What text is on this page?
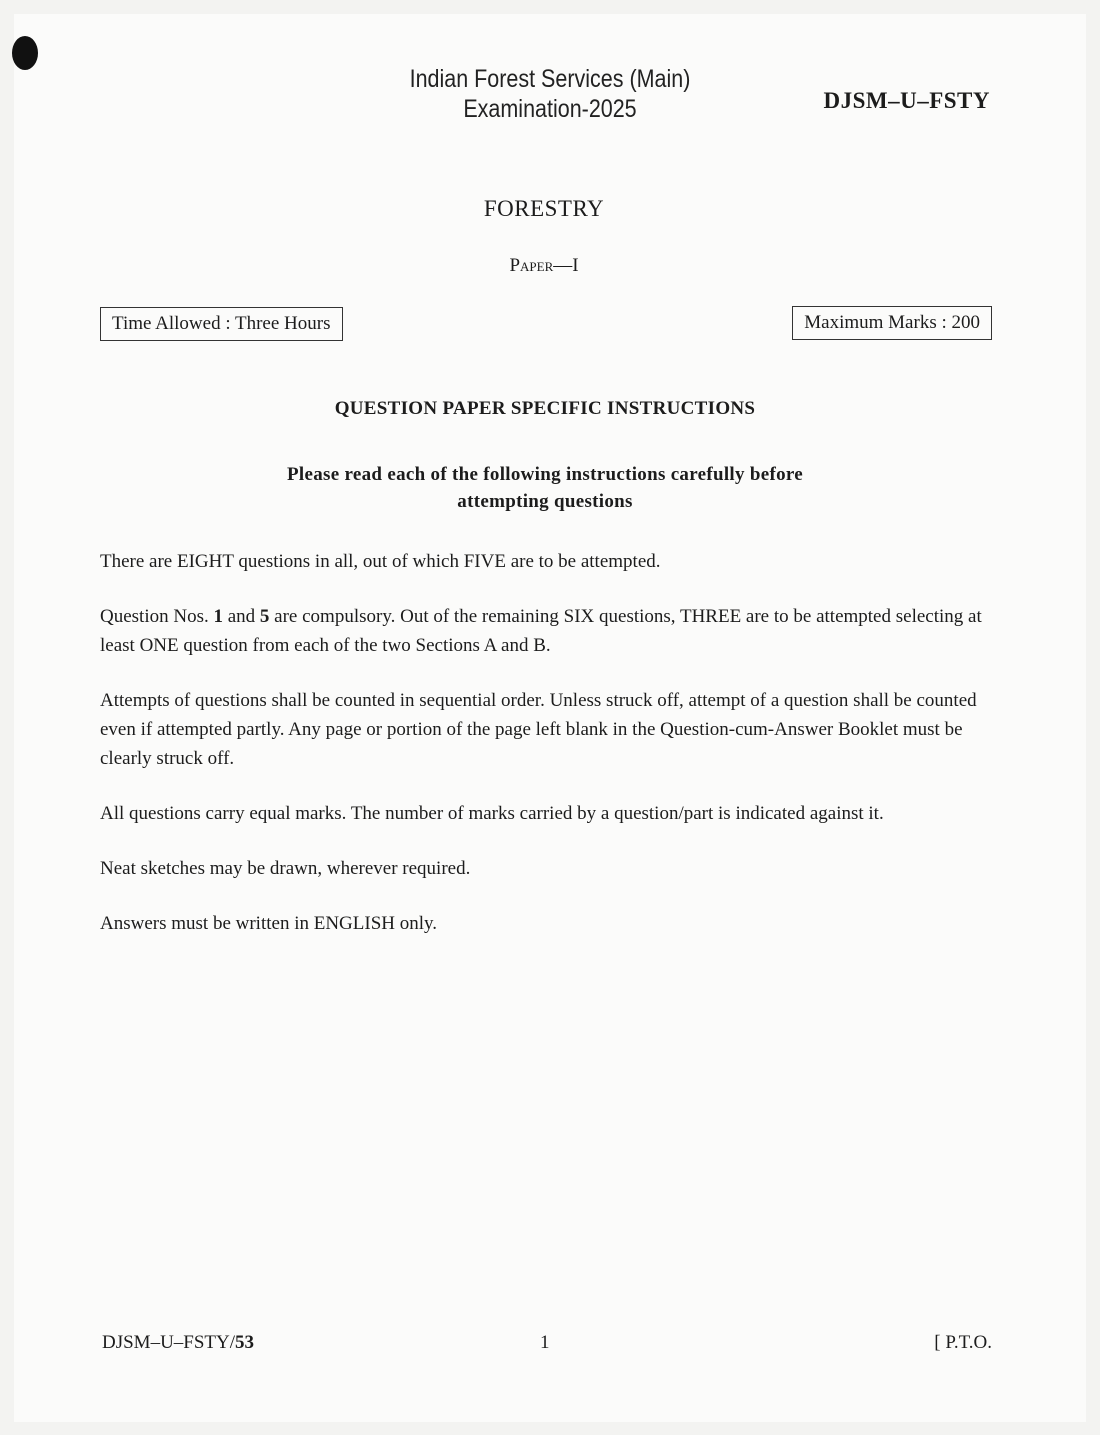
Indian Forest Services (Main)
Examination-2025	DJSM–U–FSTY
FORESTRY
Paper—I
Time Allowed : Three Hours	Maximum Marks : 200
QUESTION PAPER SPECIFIC INSTRUCTIONS
Please read each of the following instructions carefully before
attempting questions

There are EIGHT questions in all, out of which FIVE are to be attempted.

Question Nos. 1 and 5 are compulsory. Out of the remaining SIX questions, THREE are to be attempted selecting at least ONE question from each of the two Sections A and B.

Attempts of questions shall be counted in sequential order. Unless struck off, attempt of a question shall be counted even if attempted partly. Any page or portion of the page left blank in the Question-cum-Answer Booklet must be clearly struck off.

All questions carry equal marks. The number of marks carried by a question/part is indicated against it.

Neat sketches may be drawn, wherever required.

Answers must be written in ENGLISH only.

DJSM–U–FSTY/53	1	[ P.T.O.
